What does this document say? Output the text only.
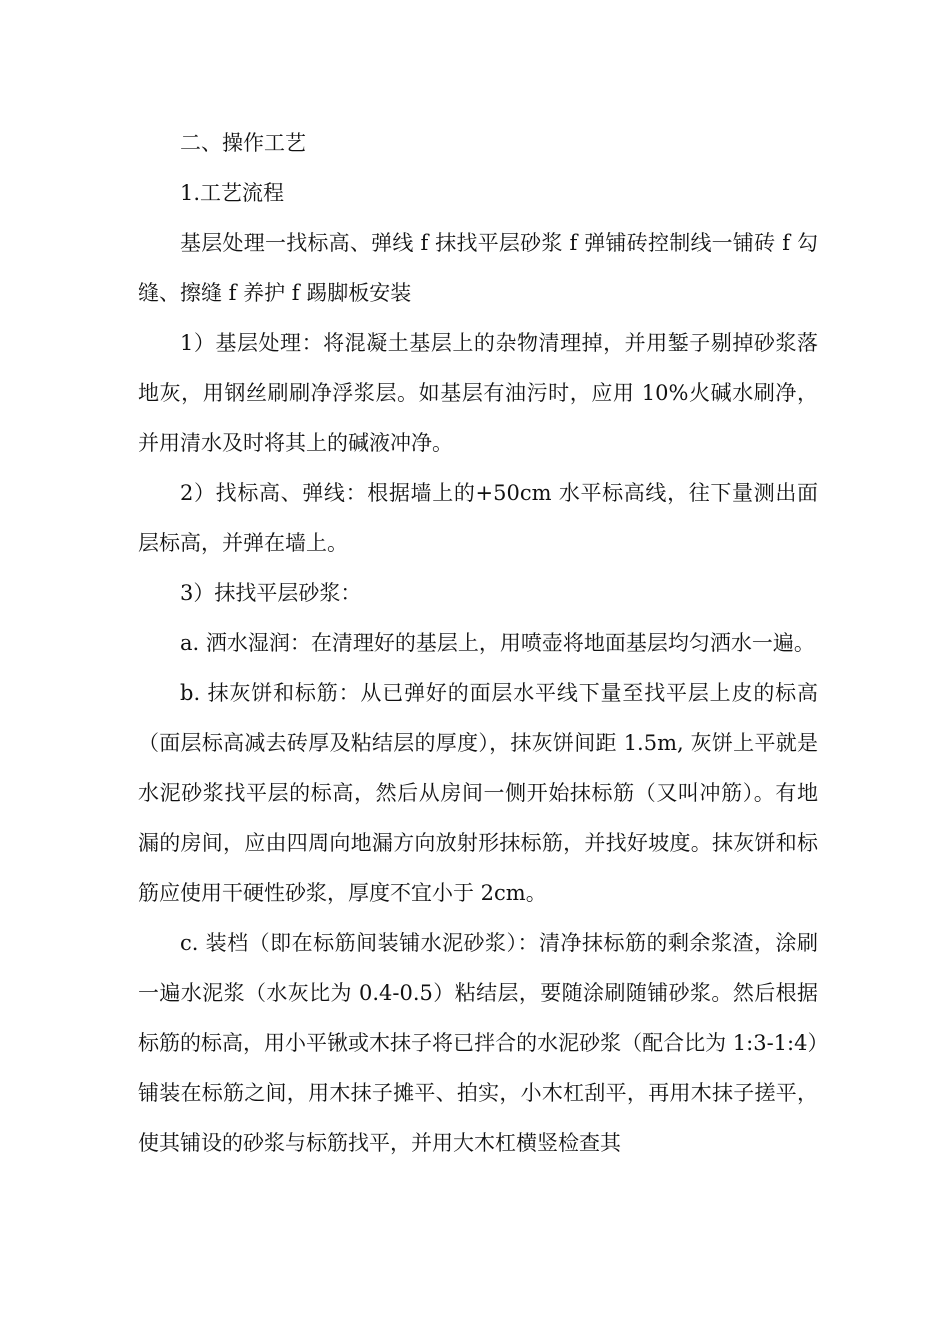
二、操作工艺

1.工艺流程

基层处理一找标高、弹线 f 抹找平层砂浆 f 弹铺砖控制线一铺砖 f 勾缝、擦缝 f 养护 f 踢脚板安装

1）基层处理：将混凝土基层上的杂物清理掉，并用錾子剔掉砂浆落地灰，用钢丝刷刷净浮浆层。如基层有油污时，应用 10%火碱水刷净，并用清水及时将其上的碱液冲净。

2）找标高、弹线：根据墙上的+50cm 水平标高线，往下量测出面层标高，并弹在墙上。

3）抹找平层砂浆：

a. 洒水湿润：在清理好的基层上，用喷壶将地面基层均匀洒水一遍。

b. 抹灰饼和标筋：从已弹好的面层水平线下量至找平层上皮的标高（面层标高减去砖厚及粘结层的厚度），抹灰饼间距 1.5m, 灰饼上平就是水泥砂浆找平层的标高，然后从房间一侧开始抹标筋（又叫冲筋）。有地漏的房间，应由四周向地漏方向放射形抹标筋，并找好坡度。抹灰饼和标筋应使用干硬性砂浆，厚度不宜小于 2cm。

c. 装档（即在标筋间装铺水泥砂浆）：清净抹标筋的剩余浆渣，涂刷一遍水泥浆（水灰比为 0.4-0.5）粘结层，要随涂刷随铺砂浆。然后根据标筋的标高，用小平锹或木抹子将已拌合的水泥砂浆（配合比为 1:3-1:4）铺装在标筋之间，用木抹子摊平、拍实，小木杠刮平，再用木抹子搓平，使其铺设的砂浆与标筋找平，并用大木杠横竖检查其
